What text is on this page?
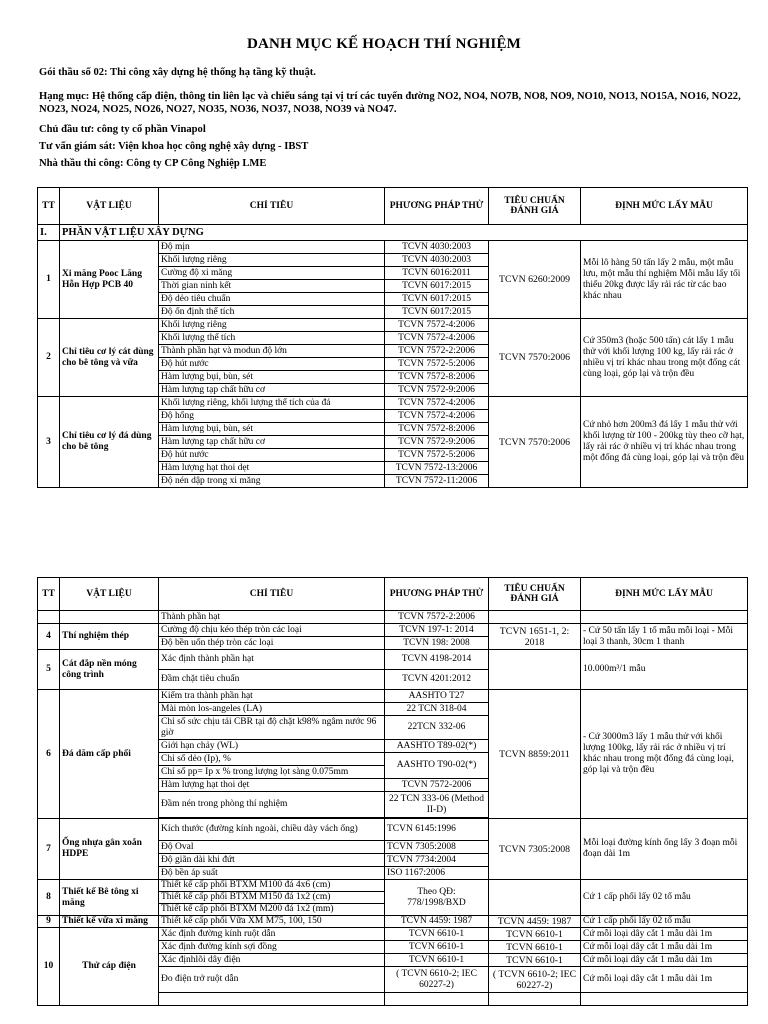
DANH MỤC KẾ HOẠCH THÍ NGHIỆM
Gói thầu số 02: Thi công xây dựng hệ thống hạ tầng kỹ thuật.
Hạng mục: Hệ thống cấp điện, thông tin liên lạc và chiếu sáng tại vị trí các tuyến đường NO2, NO4, NO7B, NO8, NO9, NO10, NO13, NO15A, NO16, NO22, NO23, NO24, NO25, NO26, NO27, NO35, NO36, NO37, NO38, NO39 và NO47.
Chủ đầu tư: công ty cổ phần Vinapol
Tư vấn giám sát: Viện khoa học công nghệ xây dựng - IBST
Nhà thầu thi công: Công ty CP Công Nghiệp LME
TT	VẬT LIỆU	CHỈ TIÊU	PHƯƠNG PHÁP THỬ	TIÊU CHUẨN ĐÁNH GIÁ	ĐỊNH MỨC LẤY MẪU
I.	PHẦN VẬT LIỆU XÂY DỰNG				
1	Xi măng Pooc Lăng Hỗn Hợp PCB 40	Độ mịn	TCVN 4030:2003	TCVN 6260:2009	Mỗi lô hàng 50 tấn lấy 2 mẫu, một mẫu lưu, một mẫu thí nghiệm Mỗi mẫu lấy tối thiểu 20kg được lấy rải rác từ các bao khác nhau
		Khối lượng riêng	TCVN 4030:2003		
		Cường độ xi măng	TCVN 6016:2011		
		Thời gian ninh kết	TCVN 6017:2015		
		Độ dẻo tiêu chuẩn	TCVN 6017:2015		
		Độ ổn định thể tích	TCVN 6017:2015		
2	Chỉ tiêu cơ lý cát dùng cho bê tông và vữa	Khối lượng riêng	TCVN 7572-4:2006	TCVN 7570:2006	Cứ 350m3 (hoặc 500 tấn) cát lấy 1 mẫu thử với khối lượng 100 kg, lấy rải rác ở nhiều vị trí khác nhau trong một đống cát cùng loại, góp lại và trộn đều
		Khối lượng thể tích	TCVN 7572-4:2006		
		Thành phần hạt và modun độ lớn	TCVN 7572-2:2006		
		Độ hút nước	TCVN 7572-5:2006		
		Hàm lượng bụi, bùn, sét	TCVN 7572-8:2006		
		Hàm lượng tạp chất hữu cơ	TCVN 7572-9:2006		
3	Chỉ tiêu cơ lý đá dùng cho bê tông	Khối lượng riêng, khối lượng thể tích của đá	TCVN 7572-4:2006	TCVN 7570:2006	Cứ nhỏ hơn 200m3 đá lấy 1 mẫu thử với khối lượng từ 100 - 200kg tùy theo cỡ hạt, lấy rải rác ở nhiều vị trí khác nhau trong một đống đá cùng loại, góp lại và trộn đều
		Độ hổng	TCVN 7572-4:2006		
		Hàm lượng bụi, bùn, sét	TCVN 7572-8:2006		
		Hàm lượng tạp chất hữu cơ	TCVN 7572-9:2006		
		Độ hút nước	TCVN 7572-5:2006		
		Hàm lượng hạt thoi dẹt	TCVN 7572-13:2006		
		Độ nén dập trong xi măng	TCVN 7572-11:2006		
TT	VẬT LIỆU	CHỈ TIÊU	PHƯƠNG PHÁP THỬ	TIÊU CHUẨN ĐÁNH GIÁ	ĐỊNH MỨC LẤY MẪU
		Thành phần hạt	TCVN 7572-2:2006		
4	Thí nghiệm thép	Cường độ chịu kéo thép tròn các loại	TCVN 197-1: 2014	TCVN 1651-1, 2: 2018	- Cứ 50 tấn lấy 1 tổ mẫu mỗi loại - Mỗi loại 3 thanh, 30cm 1 thanh
		Độ bền uốn thép tròn các loại	TCVN 198: 2008		
5	Cát đắp nền móng công trình	Xác định thành phần hạt	TCVN 4198-2014		10.000m³/1 mẫu
		Đầm chặt tiêu chuẩn	TCVN 4201:2012		
6	Đá dăm cấp phối	Kiểm tra thành phần hạt	AASHTO T27	TCVN 8859:2011	- Cứ 3000m3 lấy 1 mẫu thử với khối lượng 100kg, lấy rải rác ở nhiều vị trí khác nhau trong một đống đá cùng loại, góp lại và trộn đều
		Mài mòn los-angeles (LA)	22 TCN 318-04		
		Chỉ số sức chịu tải CBR tại độ chặt k98% ngâm nước 96 giờ	22TCN 332-06		
		Giới hạn chảy (WL)	AASHTO T89-02(*)		
		Chỉ số dẻo (Ip), %	AASHTO T90-02(*)		
		Chỉ số pp= Ip x % trong lượng lọt sàng 0.075mm			
		Hàm lượng hạt thoi dẹt	TCVN 7572-2006		
		Đầm nén trong phòng thí nghiệm	22 TCN 333-06 (Method II-D)		

7	Ống nhựa gân xoắn HDPE	Kích thước (đường kính ngoài, chiều dày vách ống)	TCVN 6145:1996	TCVN 7305:2008	Mỗi loại đường kính ống lấy 3 đoạn mỗi đoạn dài 1m
		Độ Oval	TCVN 7305:2008		
		Độ giãn dài khi đứt	TCVN 7734:2004		
		Độ bền áp suất	ISO 1167:2006		
8	Thiết kế Bê tông xi măng	Thiết kế cấp phối BTXM M100 đá 4x6 (cm)	Theo QĐ: 778/1998/BXD		Cứ 1 cấp phối lấy 02 tổ mẫu
		Thiết kế cấp phối BTXM M150 đá 1x2 (cm)			
		Thiết kế cấp phối BTXM M200 đá 1x2 (mm)			
9	Thiết kế vữa xi măng	Thiết kế cấp phối Vữa XM M75, 100, 150	TCVN 4459: 1987	TCVN 4459: 1987	Cứ 1 cấp phối lấy 02 tổ mẫu
10	Thử cáp điện	Xác định đường kính ruột dẫn	TCVN 6610-1	TCVN 6610-1	Cứ mỗi loại dây cắt 1 mẫu dài 1m
		Xác định đường kính sợi đồng	TCVN 6610-1	TCVN 6610-1	Cứ mỗi loại dây cắt 1 mẫu dài 1m
		Xác địnhlõi dây điện	TCVN 6610-1	TCVN 6610-1	Cứ mỗi loại dây cắt 1 mẫu dài 1m
		Đo điện trở ruột dẫn	( TCVN 6610-2; IEC 60227-2)	( TCVN 6610-2; IEC 60227-2)	Cứ mỗi loại dây cắt 1 mẫu dài 1m
